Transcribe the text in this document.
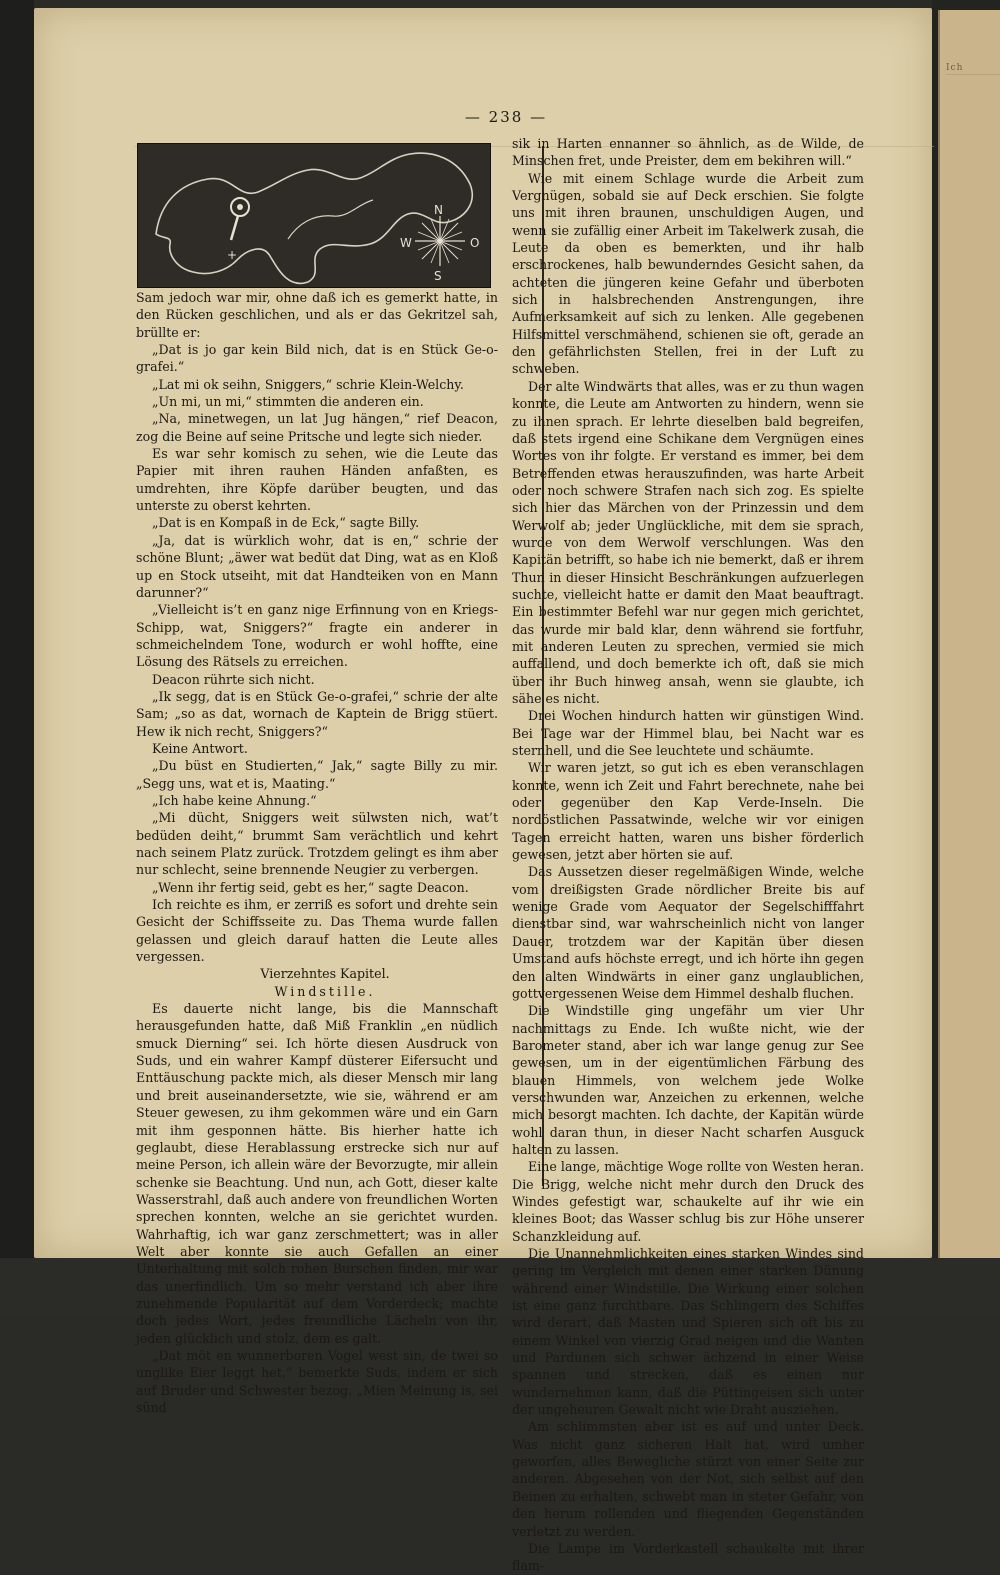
Ich
— 238 —
N
S
W	O
+

Sam jedoch war mir, ohne daß ich es gemerkt hatte, in den Rücken geschlichen, und als er das Gekritzel sah, brüllte er:

„Dat is jo gar kein Bild nich, dat is en Stück Ge-o-grafei.“

„Lat mi ok seihn, Sniggers,“ schrie Klein-Welchy.

„Un mi, un mi,“ stimmten die anderen ein.

„Na, minetwegen, un lat Jug hängen,“ rief Deacon, zog die Beine auf seine Pritsche und legte sich nieder.

Es war sehr komisch zu sehen, wie die Leute das Papier mit ihren rauhen Händen anfaßten, es umdrehten, ihre Köpfe darüber beugten, und das unterste zu oberst kehrten.

„Dat is en Kompaß in de Eck,“ sagte Billy.

„Ja, dat is würklich wohr, dat is en,“ schrie der schöne Blunt; „äwer wat bedüt dat Ding, wat as en Kloß up en Stock utseiht, mit dat Handteiken von en Mann darunner?“

„Vielleicht is’t en ganz nige Erfinnung von en Kriegs-Schipp, wat, Sniggers?“ fragte ein anderer in schmeichelndem Tone, wodurch er wohl hoffte, eine Lösung des Rätsels zu erreichen.

Deacon rührte sich nicht.

„Ik segg, dat is en Stück Ge-o-grafei,“ schrie der alte Sam; „so as dat, wornach de Kaptein de Brigg stüert. Hew ik nich recht, Sniggers?“

Keine Antwort.

„Du büst en Studierten,“ Jak,“ sagte Billy zu mir. „Segg uns, wat et is, Maating.“

„Ich habe keine Ahnung.“

„Mi dücht, Sniggers weit sülwsten nich, wat’t bedüden deiht,“ brummt Sam verächtlich und kehrt nach seinem Platz zurück. Trotzdem gelingt es ihm aber nur schlecht, seine brennende Neugier zu verbergen.

„Wenn ihr fertig seid, gebt es her,“ sagte Deacon.

Ich reichte es ihm, er zerriß es sofort und drehte sein Gesicht der Schiffsseite zu. Das Thema wurde fallen gelassen und gleich darauf hatten die Leute alles vergessen.

Vierzehntes Kapitel.

Windstille.

Es dauerte nicht lange, bis die Mannschaft herausgefunden hatte, daß Miß Franklin „en nüdlich smuck Dierning“ sei. Ich hörte diesen Ausdruck von Suds, und ein wahrer Kampf düsterer Eifersucht und Enttäuschung packte mich, als dieser Mensch mir lang und breit auseinandersetzte, wie sie, während er am Steuer gewesen, zu ihm gekommen wäre und ein Garn mit ihm gesponnen hätte. Bis hierher hatte ich geglaubt, diese Herablassung erstrecke sich nur auf meine Person, ich allein wäre der Bevorzugte, mir allein schenke sie Beachtung. Und nun, ach Gott, dieser kalte Wasserstrahl, daß auch andere von freundlichen Worten sprechen konnten, welche an sie gerichtet wurden. Wahrhaftig, ich war ganz zerschmettert; was in aller Welt aber konnte sie auch Gefallen an einer Unterhaltung mit solch rohen Burschen finden, mir war das unerfindlich. Um so mehr verstand ich aber ihre zunehmende Popularität auf dem Vorderdeck; machte doch jedes Wort, jedes freundliche Lächeln von ihr, jeden glücklich und stolz, dem es galt.

„Dat möt en wunnerboren Vogel west sin, de twei so unglike Eier leggt het,“ bemerkte Suds, indem er sich auf Bruder und Schwester bezog. „Mien Meinung is, sei sünd

sik in Harten ennanner so ähnlich, as de Wilde, de Minschen fret, unde Preister, dem em bekihren will.“

Wie mit einem Schlage wurde die Arbeit zum Vergnügen, sobald sie auf Deck erschien. Sie folgte uns mit ihren braunen, unschuldigen Augen, und wenn sie zufällig einer Arbeit im Takelwerk zusah, die Leute da oben es bemerkten, und ihr halb erschrockenes, halb bewunderndes Gesicht sahen, da achteten die jüngeren keine Gefahr und überboten sich in halsbrechenden Anstrengungen, ihre Aufmerksamkeit auf sich zu lenken. Alle gegebenen Hilfsmittel verschmähend, schienen sie oft, gerade an den gefährlichsten Stellen, frei in der Luft zu schweben.

Der alte Windwärts that alles, was er zu thun wagen konnte, die Leute am Antworten zu hindern, wenn sie zu ihnen sprach. Er lehrte dieselben bald begreifen, daß stets irgend eine Schikane dem Vergnügen eines Wortes von ihr folgte. Er verstand es immer, bei dem Betreffenden etwas herauszufinden, was harte Arbeit oder noch schwere Strafen nach sich zog. Es spielte sich hier das Märchen von der Prinzessin und dem Werwolf ab; jeder Unglückliche, mit dem sie sprach, wurde von dem Werwolf verschlungen. Was den Kapitän betrifft, so habe ich nie bemerkt, daß er ihrem Thun in dieser Hinsicht Beschränkungen aufzuerlegen suchte, vielleicht hatte er damit den Maat beauftragt. Ein bestimmter Befehl war nur gegen mich gerichtet, das wurde mir bald klar, denn während sie fortfuhr, mit anderen Leuten zu sprechen, vermied sie mich auffallend, und doch bemerkte ich oft, daß sie mich über ihr Buch hinweg ansah, wenn sie glaubte, ich sähe es nicht.

Drei Wochen hindurch hatten wir günstigen Wind. Bei Tage war der Himmel blau, bei Nacht war es sternhell, und die See leuchtete und schäumte.

Wir waren jetzt, so gut ich es eben veranschlagen konnte, wenn ich Zeit und Fahrt berechnete, nahe bei oder gegenüber den Kap Verde-Inseln. Die nordöstlichen Passatwinde, welche wir vor einigen Tagen erreicht hatten, waren uns bisher förderlich gewesen, jetzt aber hörten sie auf.

Das Aussetzen dieser regelmäßigen Winde, welche vom dreißigsten Grade nördlicher Breite bis auf wenige Grade vom Aequator der Segelschifffahrt dienstbar sind, war wahrscheinlich nicht von langer Dauer, trotzdem war der Kapitän über diesen Umstand aufs höchste erregt, und ich hörte ihn gegen den alten Windwärts in einer ganz unglaublichen, gottvergessenen Weise dem Himmel deshalb fluchen.

Die Windstille ging ungefähr um vier Uhr nachmittags zu Ende. Ich wußte nicht, wie der Barometer stand, aber ich war lange genug zur See gewesen, um in der eigentümlichen Färbung des blauen Himmels, von welchem jede Wolke verschwunden war, Anzeichen zu erkennen, welche mich besorgt machten. Ich dachte, der Kapitän würde wohl daran thun, in dieser Nacht scharfen Ausguck halten zu lassen.

Eine lange, mächtige Woge rollte von Westen heran. Die Brigg, welche nicht mehr durch den Druck des Windes gefestigt war, schaukelte auf ihr wie ein kleines Boot; das Wasser schlug bis zur Höhe unserer Schanzkleidung auf.

Die Unannehmlichkeiten eines starken Windes sind gering im Vergleich mit denen einer starken Dünung während einer Windstille. Die Wirkung einer solchen ist eine ganz furchtbare. Das Schlingern des Schiffes wird derart, daß Masten und Spieren sich oft bis zu einem Winkel von vierzig Grad neigen und die Wanten und Pardunen sich schwer ächzend in einer Weise spannen und strecken, daß es einen nur wundernehmen kann, daß die Püttingeisen sich unter der ungeheuren Gewalt nicht wie Draht ausziehen.

Am schlimmsten aber ist es auf und unter Deck. Was nicht ganz sicheren Halt hat, wird umher geworfen, alles Bewegliche stürzt von einer Seite zur anderen. Abgesehen von der Not, sich selbst auf den Beinen zu erhalten, schwebt man in steter Gefahr, von den herum rollenden und fliegenden Gegenständen verletzt zu werden.

Die Lampe im Vorderkastell schaukelte mit ihrer flam-
